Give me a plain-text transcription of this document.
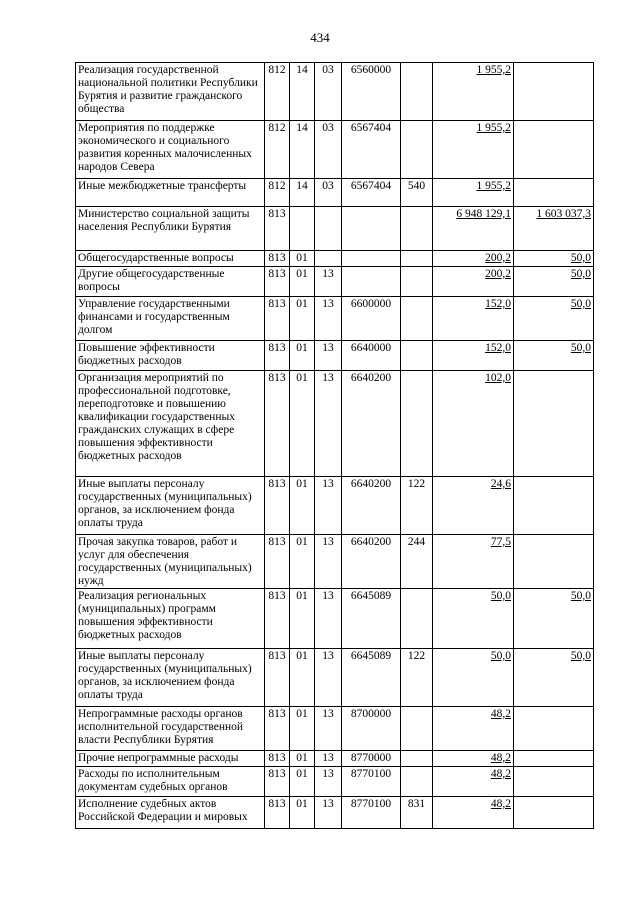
434
Реализация государственной национальной политики Республики Бурятия и развитие гражданского общества	812	14	03	6560000		1 955,2	
Мероприятия по поддержке экономического и социального развития коренных малочисленных народов Севера	812	14	03	6567404		1 955,2	
Иные межбюджетные трансферты	812	14	03	6567404	540	1 955,2	
Министерство социальной защиты населения Республики Бурятия	813					6 948 129,1	1 603 037,3
Общегосударственные вопросы	813	01				200,2	50,0
Другие общегосударственные вопросы	813	01	13			200,2	50,0
Управление государственными финансами и государственным долгом	813	01	13	6600000		152,0	50,0
Повышение эффективности бюджетных расходов	813	01	13	6640000		152,0	50,0
Организация мероприятий по профессиональной подготовке, переподготовке и повышению квалификации государственных гражданских служащих в сфере повышения эффективности бюджетных расходов	813	01	13	6640200		102,0	
Иные выплаты персоналу государственных (муниципальных) органов, за исключением фонда оплаты труда	813	01	13	6640200	122	24,6	
Прочая закупка товаров, работ и услуг для обеспечения государственных (муниципальных) нужд	813	01	13	6640200	244	77,5	
Реализация региональных (муниципальных) программ повышения эффективности бюджетных расходов	813	01	13	6645089		50,0	50,0
Иные выплаты персоналу государственных (муниципальных) органов, за исключением фонда оплаты труда	813	01	13	6645089	122	50,0	50,0
Непрограммные расходы органов исполнительной государственной власти Республики Бурятия	813	01	13	8700000		48,2	
Прочие непрограммные расходы	813	01	13	8770000		48,2	
Расходы по исполнительным документам судебных органов	813	01	13	8770100		48,2	
Исполнение судебных актов Российской Федерации и мировых	813	01	13	8770100	831	48,2	
